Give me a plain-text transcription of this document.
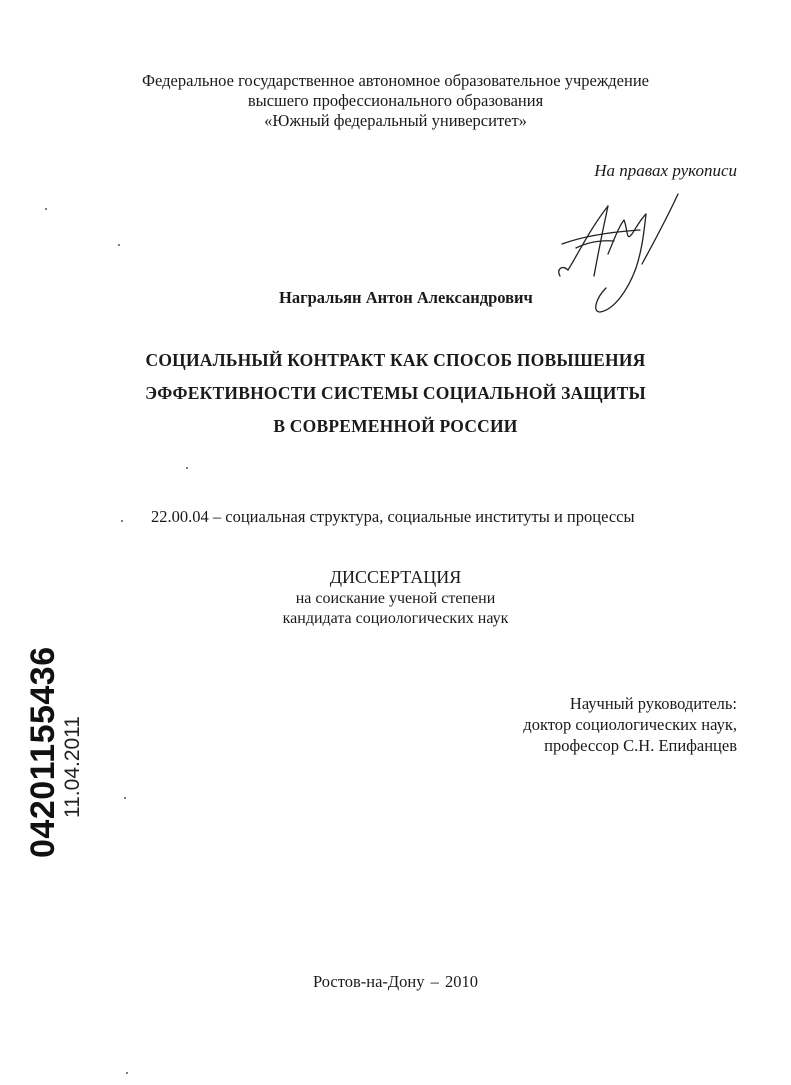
Федеральное государственное автономное образовательное учреждение
высшего профессионального образования
«Южный федеральный университет»
На правах рукописи
Награльян Антон Александрович
СОЦИАЛЬНЫЙ КОНТРАКТ КАК СПОСОБ ПОВЫШЕНИЯ
ЭФФЕКТИВНОСТИ СИСТЕМЫ СОЦИАЛЬНОЙ ЗАЩИТЫ
В СОВРЕМЕННОЙ РОССИИ
22.00.04 – социальная структура, социальные институты и процессы
ДИССЕРТАЦИЯ
на соискание ученой степени
кандидата социологических наук
Научный руководитель:
доктор социологических наук,
профессор С.Н. Епифанцев
Ростов-на-Дону – 2010
04201155436 11.04.2011
